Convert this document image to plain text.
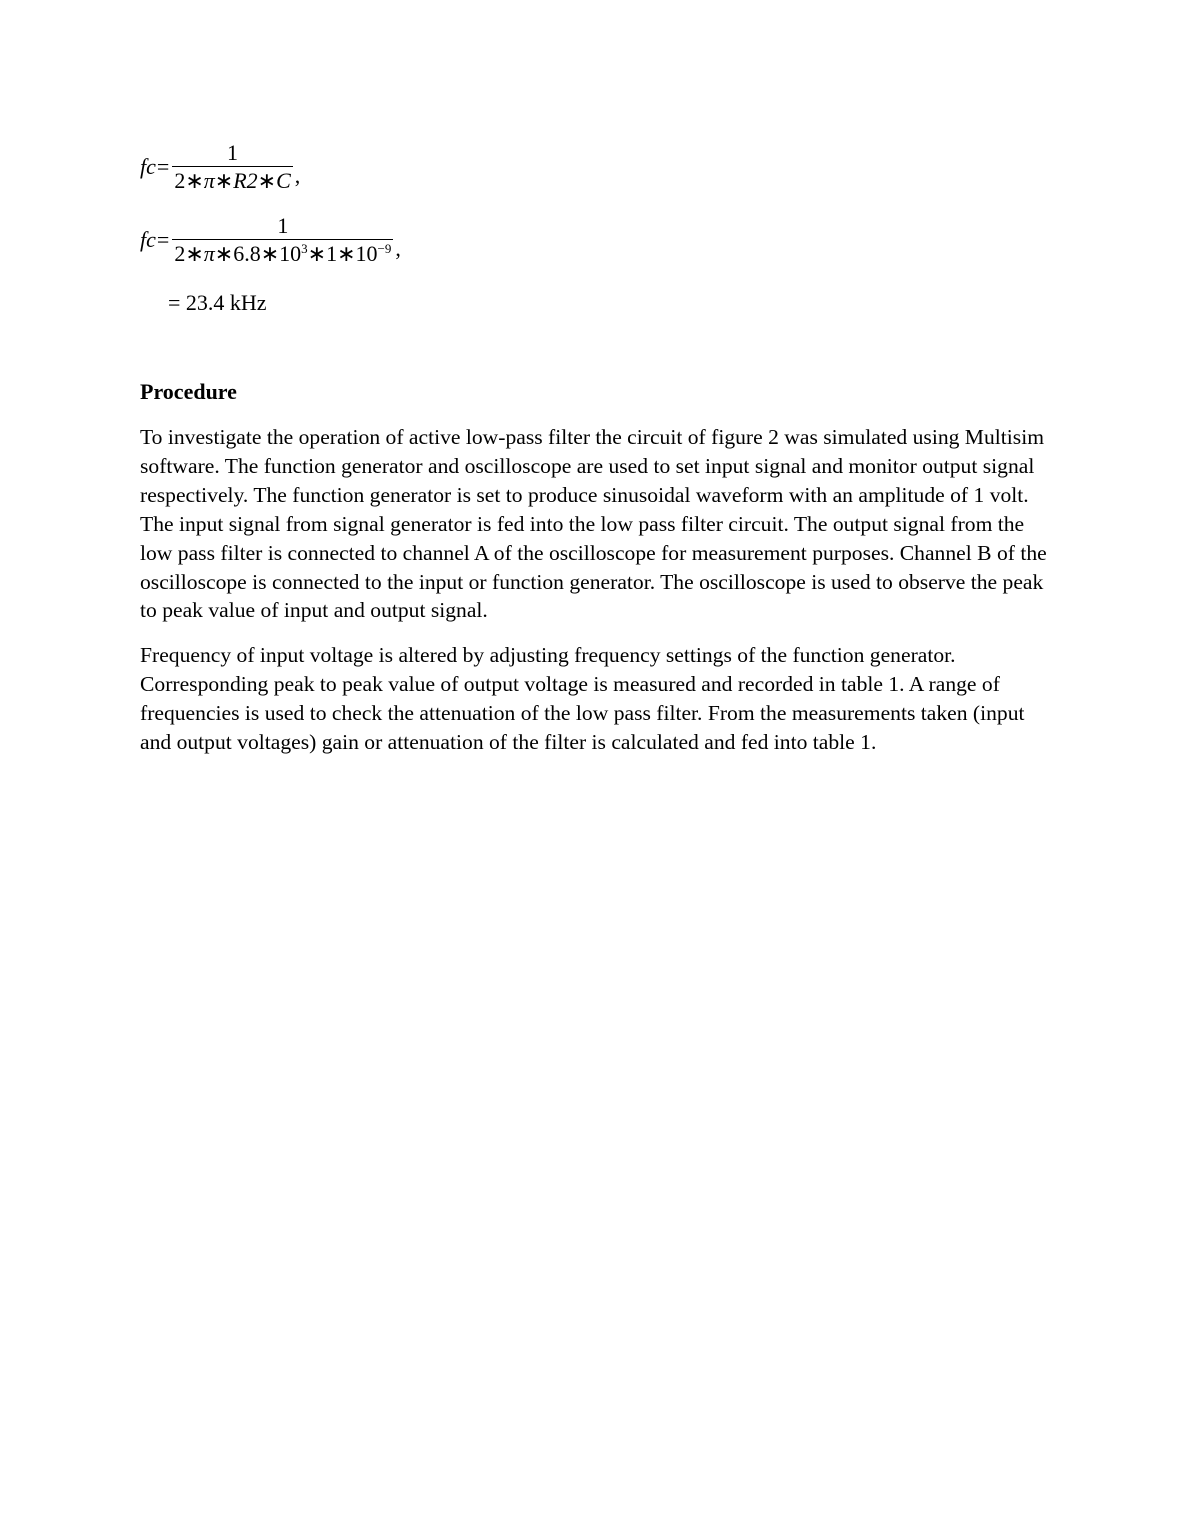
fc = $\frac{1}{2∗\pi∗R2∗C}$ ,
fc = $\frac{1}{2∗\pi∗6.8∗10^3∗1∗10^{-9}}$ ,
= 23.4 kHz
Procedure

To investigate the operation of active low-pass filter the circuit of figure 2 was simulated using Multisim software. The function generator and oscilloscope are used to set input signal and monitor output signal respectively. The function generator is set to produce sinusoidal waveform with an amplitude of 1 volt. The input signal from signal generator is fed into the low pass filter circuit. The output signal from the low pass filter is connected to channel A of the oscilloscope for measurement purposes. Channel B of the oscilloscope is connected to the input or function generator. The oscilloscope is used to observe the peak to peak value of input and output signal.

Frequency of input voltage is altered by adjusting frequency settings of the function generator. Corresponding peak to peak value of output voltage is measured and recorded in table 1. A range of frequencies is used to check the attenuation of the low pass filter. From the measurements taken (input and output voltages) gain or attenuation of the filter is calculated and fed into table 1.
